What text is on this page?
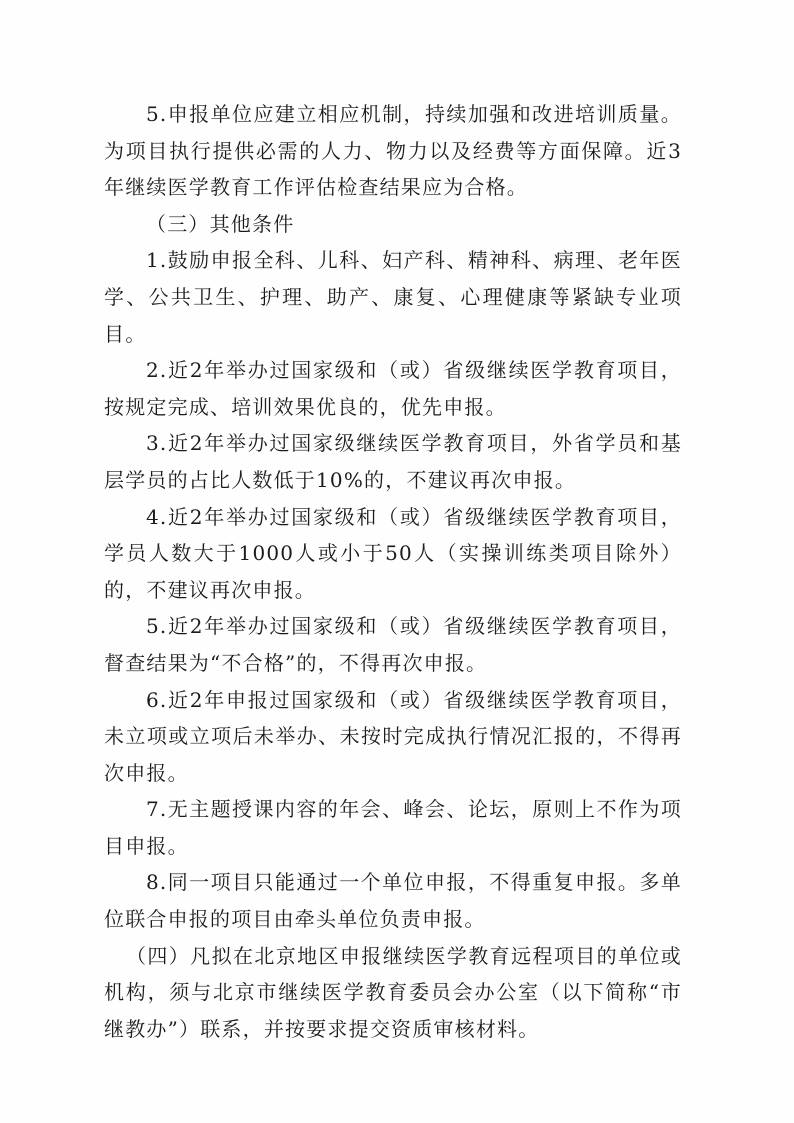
5.申报单位应建立相应机制，持续加强和改进培训质量。为项目执行提供必需的人力、物力以及经费等方面保障。近3年继续医学教育工作评估检查结果应为合格。

（三）其他条件

1.鼓励申报全科、儿科、妇产科、精神科、病理、老年医学、公共卫生、护理、助产、康复、心理健康等紧缺专业项目。

2.近2年举办过国家级和（或）省级继续医学教育项目，按规定完成、培训效果优良的，优先申报。

3.近2年举办过国家级继续医学教育项目，外省学员和基层学员的占比人数低于10%的，不建议再次申报。

4.近2年举办过国家级和（或）省级继续医学教育项目，学员人数大于1000人或小于50人（实操训练类项目除外）的，不建议再次申报。

5.近2年举办过国家级和（或）省级继续医学教育项目，督查结果为“不合格”的，不得再次申报。

6.近2年申报过国家级和（或）省级继续医学教育项目，未立项或立项后未举办、未按时完成执行情况汇报的，不得再次申报。

7.无主题授课内容的年会、峰会、论坛，原则上不作为项目申报。

8.同一项目只能通过一个单位申报，不得重复申报。多单位联合申报的项目由牵头单位负责申报。

（四）凡拟在北京地区申报继续医学教育远程项目的单位或机构，须与北京市继续医学教育委员会办公室（以下简称“市继教办”）联系，并按要求提交资质审核材料。
